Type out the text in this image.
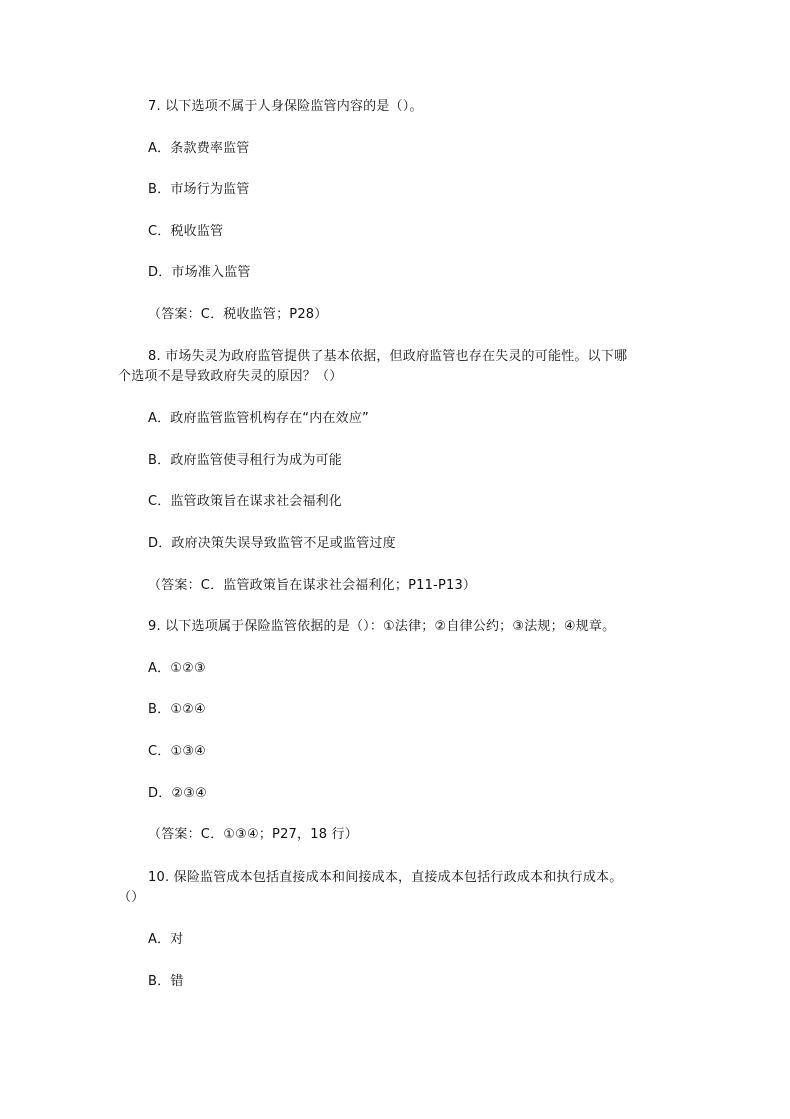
7. 以下选项不属于人身保险监管内容的是（）。
A．条款费率监管
B．市场行为监管
C．税收监管
D．市场准入监管
（答案：C．税收监管；P28）
8. 市场失灵为政府监管提供了基本依据，但政府监管也存在失灵的可能性。以下哪
个选项不是导致政府失灵的原因？（）
A．政府监管监管机构存在“内在效应”
B．政府监管使寻租行为成为可能
C．监管政策旨在谋求社会福利化
D．政府决策失误导致监管不足或监管过度
（答案：C．监管政策旨在谋求社会福利化；P11-P13）
9. 以下选项属于保险监管依据的是（）：①法律；②自律公约；③法规；④规章。
A．①②③
B．①②④
C．①③④
D．②③④
（答案：C．①③④；P27，18 行）
10. 保险监管成本包括直接成本和间接成本，直接成本包括行政成本和执行成本。
（）
A．对
B．错
